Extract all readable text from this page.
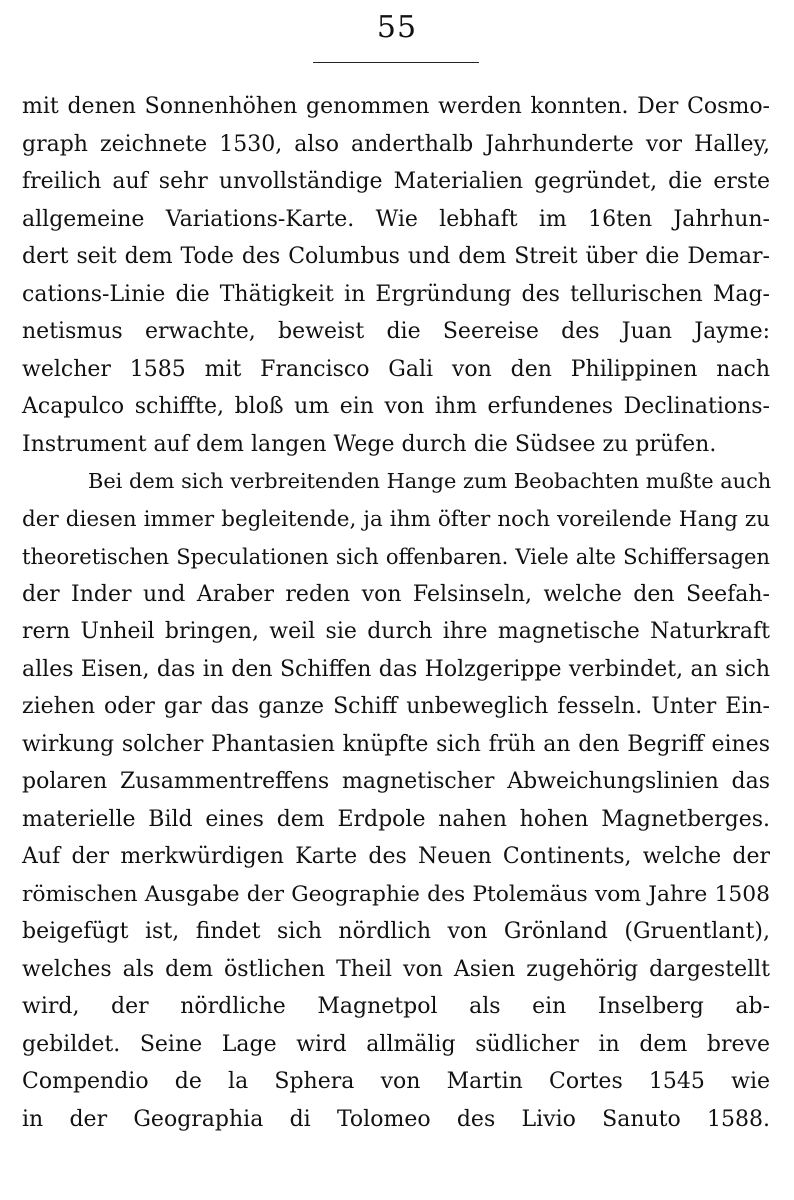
55
mit denen Sonnenhöhen genommen werden konnten. Der Cosmo-
graph zeichnete 1530, also anderthalb Jahrhunderte vor Halley,
freilich auf sehr unvollständige Materialien gegründet, die erste
allgemeine Variations-Karte. Wie lebhaft im 16ten Jahrhun-
dert seit dem Tode des Columbus und dem Streit über die Demar-
cations-Linie die Thätigkeit in Ergründung des tellurischen Mag-
netismus erwachte, beweist die Seereise des Juan Jayme:
welcher 1585 mit Francisco Gali von den Philippinen nach
Acapulco schiffte, bloß um ein von ihm erfundenes Declinations-
Instrument auf dem langen Wege durch die Südsee zu prüfen.
Bei dem sich verbreitenden Hange zum Beobachten mußte auch
der diesen immer begleitende, ja ihm öfter noch voreilende Hang zu
theoretischen Speculationen sich offenbaren. Viele alte Schiffersagen
der Inder und Araber reden von Felsinseln, welche den Seefah-
rern Unheil bringen, weil sie durch ihre magnetische Naturkraft
alles Eisen, das in den Schiffen das Holzgerippe verbindet, an sich
ziehen oder gar das ganze Schiff unbeweglich fesseln. Unter Ein-
wirkung solcher Phantasien knüpfte sich früh an den Begriff eines
polaren Zusammentreffens magnetischer Abweichungslinien das
materielle Bild eines dem Erdpole nahen hohen Magnetberges.
Auf der merkwürdigen Karte des Neuen Continents, welche der
römischen Ausgabe der Geographie des Ptolemäus vom Jahre 1508
beigefügt ist, findet sich nördlich von Grönland (Gruentlant),
welches als dem östlichen Theil von Asien zugehörig dargestellt
wird, der nördliche Magnetpol als ein Inselberg ab-
gebildet. Seine Lage wird allmälig südlicher in dem breve
Compendio de la Sphera von Martin Cortes 1545 wie
in der Geographia di Tolomeo des Livio Sanuto 1588.
